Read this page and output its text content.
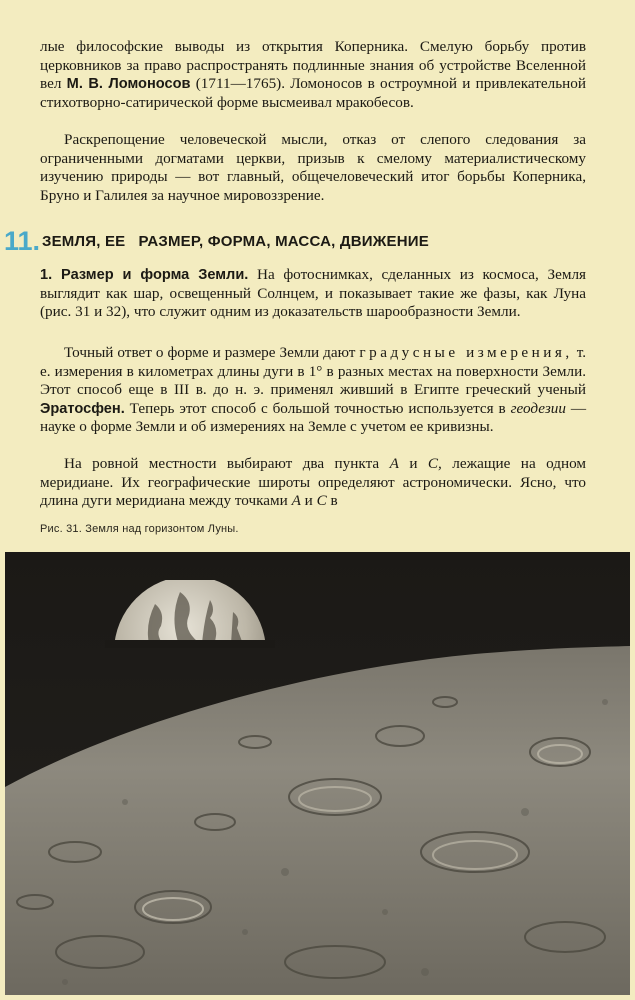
лые философские выводы из открытия Коперника. Смелую борьбу против церковников за право распространять подлинные знания об устройстве Вселенной вел М. В. Ломоносов (1711—1765). Ломоносов в остроумной и привлекательной стихотворно-сатирической форме высмеивал мракобесов.

Раскрепощение человеческой мысли, отказ от слепого следования за ограниченными догматами церкви, призыв к смелому материалистическому изучению природы — вот главный, общечеловеческий итог борьбы Коперника, Бруно и Галилея за научное мировоззрение.

11. ЗЕМЛЯ, ЕЕ   РАЗМЕР, ФОРМА, МАССА, ДВИЖЕНИЕ

1. Размер и форма Земли. На фотоснимках, сделанных из космоса, Земля выглядит как шар, освещенный Солнцем, и показывает такие же фазы, как Луна (рис. 31 и 32), что служит одним из доказательств шарообразности Земли.

Точный ответ о форме и размере Земли дают градусные измерения, т. е. измерения в километрах длины дуги в 1° в разных местах на поверхности Земли. Этот способ еще в III в. до н. э. применял живший в Египте греческий ученый Эратосфен. Теперь этот способ с большой точностью используется в геодезии — науке о форме Земли и об измерениях на Земле с учетом ее кривизны.

На ровной местности выбирают два пункта А и С, лежащие на одном меридиане. Их географические широты определяют астрономически. Ясно, что длина дуги меридиана между точками А и С в

Рис. 31. Земля над горизонтом Луны.
